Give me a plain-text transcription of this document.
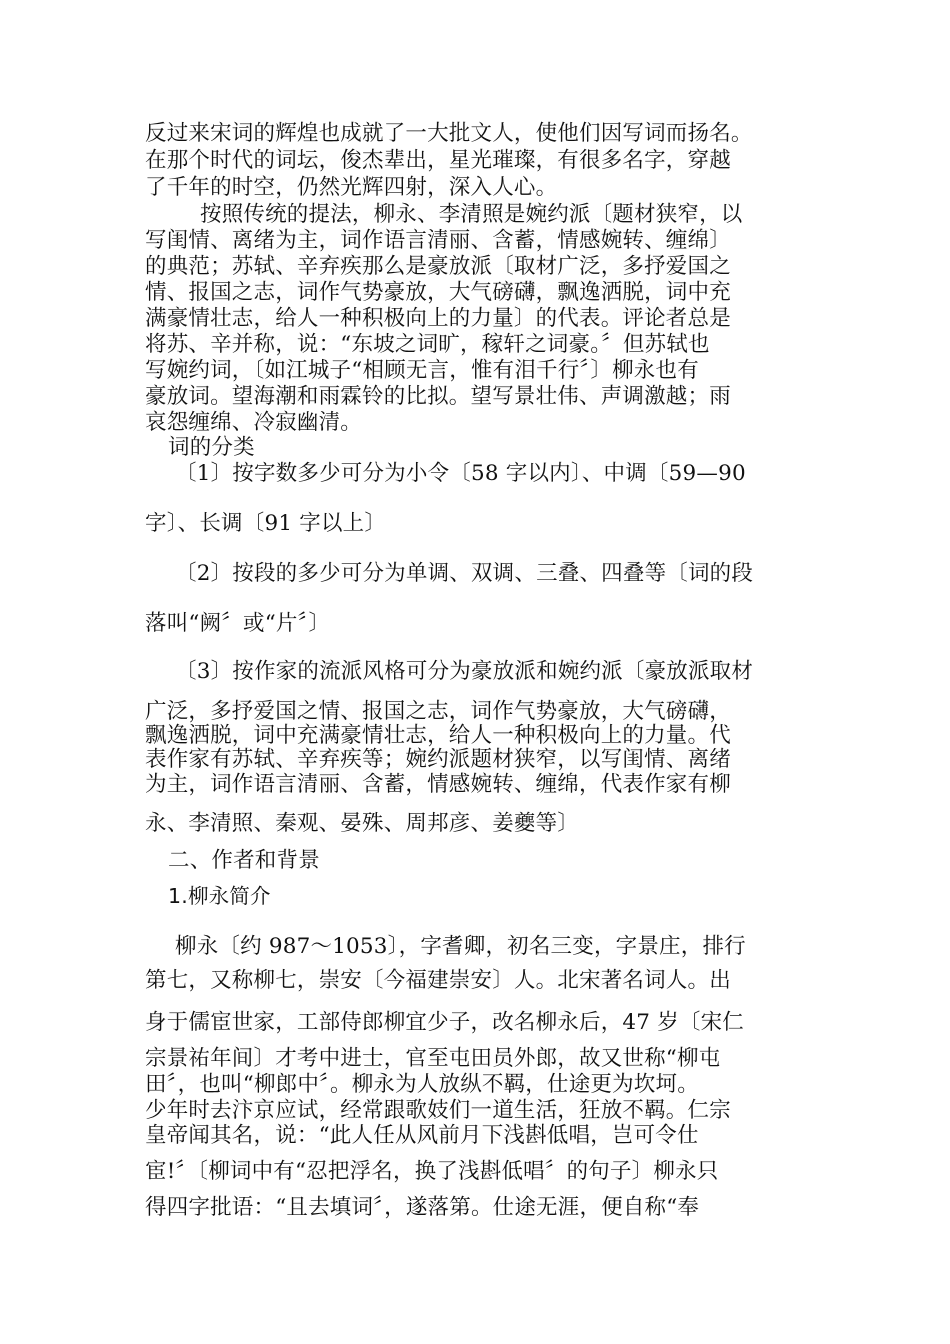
反过来宋词的辉煌也成就了一大批文人，使他们因写词而扬名。
在那个时代的词坛，俊杰辈出，星光璀璨，有很多名字，穿越
了千年的时空，仍然光辉四射，深入人心。
按照传统的提法，柳永、李清照是婉约派〔题材狭窄，以
写闺情、离绪为主，词作语言清丽、含蓄，情感婉转、缠绵〕
的典范；苏轼、辛弃疾那么是豪放派〔取材广泛，多抒爱国之
情、报国之志，词作气势豪放，大气磅礴，飘逸洒脱，词中充
满豪情壮志，给人一种积极向上的力量〕的代表。评论者总是
将苏、辛并称，说：“东坡之词旷，稼轩之词豪。〞但苏轼也
写婉约词，〔如江城子“相顾无言，惟有泪千行〞〕柳永也有
豪放词。望海潮和雨霖铃的比拟。望写景壮伟、声调激越；雨
哀怨缠绵、冷寂幽清。
词的分类
〔1〕按字数多少可分为小令〔58 字以内〕、中调〔59—90
字〕、长调〔91 字以上〕
〔2〕按段的多少可分为单调、双调、三叠、四叠等〔词的段
落叫“阙〞或“片〞〕
〔3〕按作家的流派风格可分为豪放派和婉约派〔豪放派取材
广泛，多抒爱国之情、报国之志，词作气势豪放，大气磅礴，
飘逸洒脱，词中充满豪情壮志，给人一种积极向上的力量。代
表作家有苏轼、辛弃疾等；婉约派题材狭窄，以写闺情、离绪
为主，词作语言清丽、含蓄，情感婉转、缠绵，代表作家有柳
永、李清照、秦观、晏殊、周邦彦、姜夔等〕
二、作者和背景
1.柳永简介
柳永〔约 987～1053〕，字耆卿，初名三变，字景庄，排行
第七，又称柳七，崇安〔今福建崇安〕人。北宋著名词人。出
身于儒宦世家，工部侍郎柳宜少子，改名柳永后，47 岁〔宋仁
宗景祐年间〕才考中进士，官至屯田员外郎，故又世称“柳屯
田〞，也叫“柳郎中〞。柳永为人放纵不羁，仕途更为坎坷。
少年时去汴京应试，经常跟歌妓们一道生活，狂放不羁。仁宗
皇帝闻其名，说：“此人任从风前月下浅斟低唱，岂可令仕
宦!〞〔柳词中有“忍把浮名，换了浅斟低唱〞的句子〕柳永只
得四字批语：“且去填词〞，遂落第。仕途无涯，便自称“奉
